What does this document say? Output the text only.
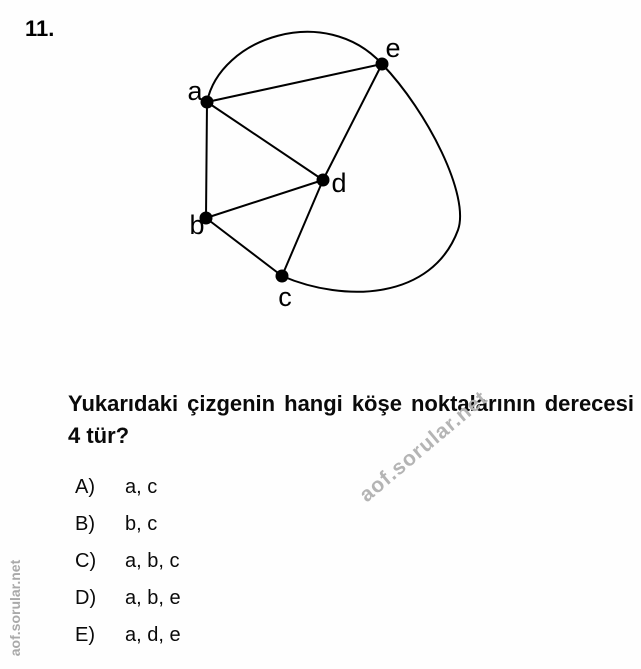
11.
a
b
c
d
e
Yukarıdaki çizgenin hangi köşe noktalarının derecesi 4 tür?
A)	a, c
B)	b, c
C)	a, b, c
D)	a, b, e
E)	a, d, e
aof.sorular.net
aof.sorular.net
